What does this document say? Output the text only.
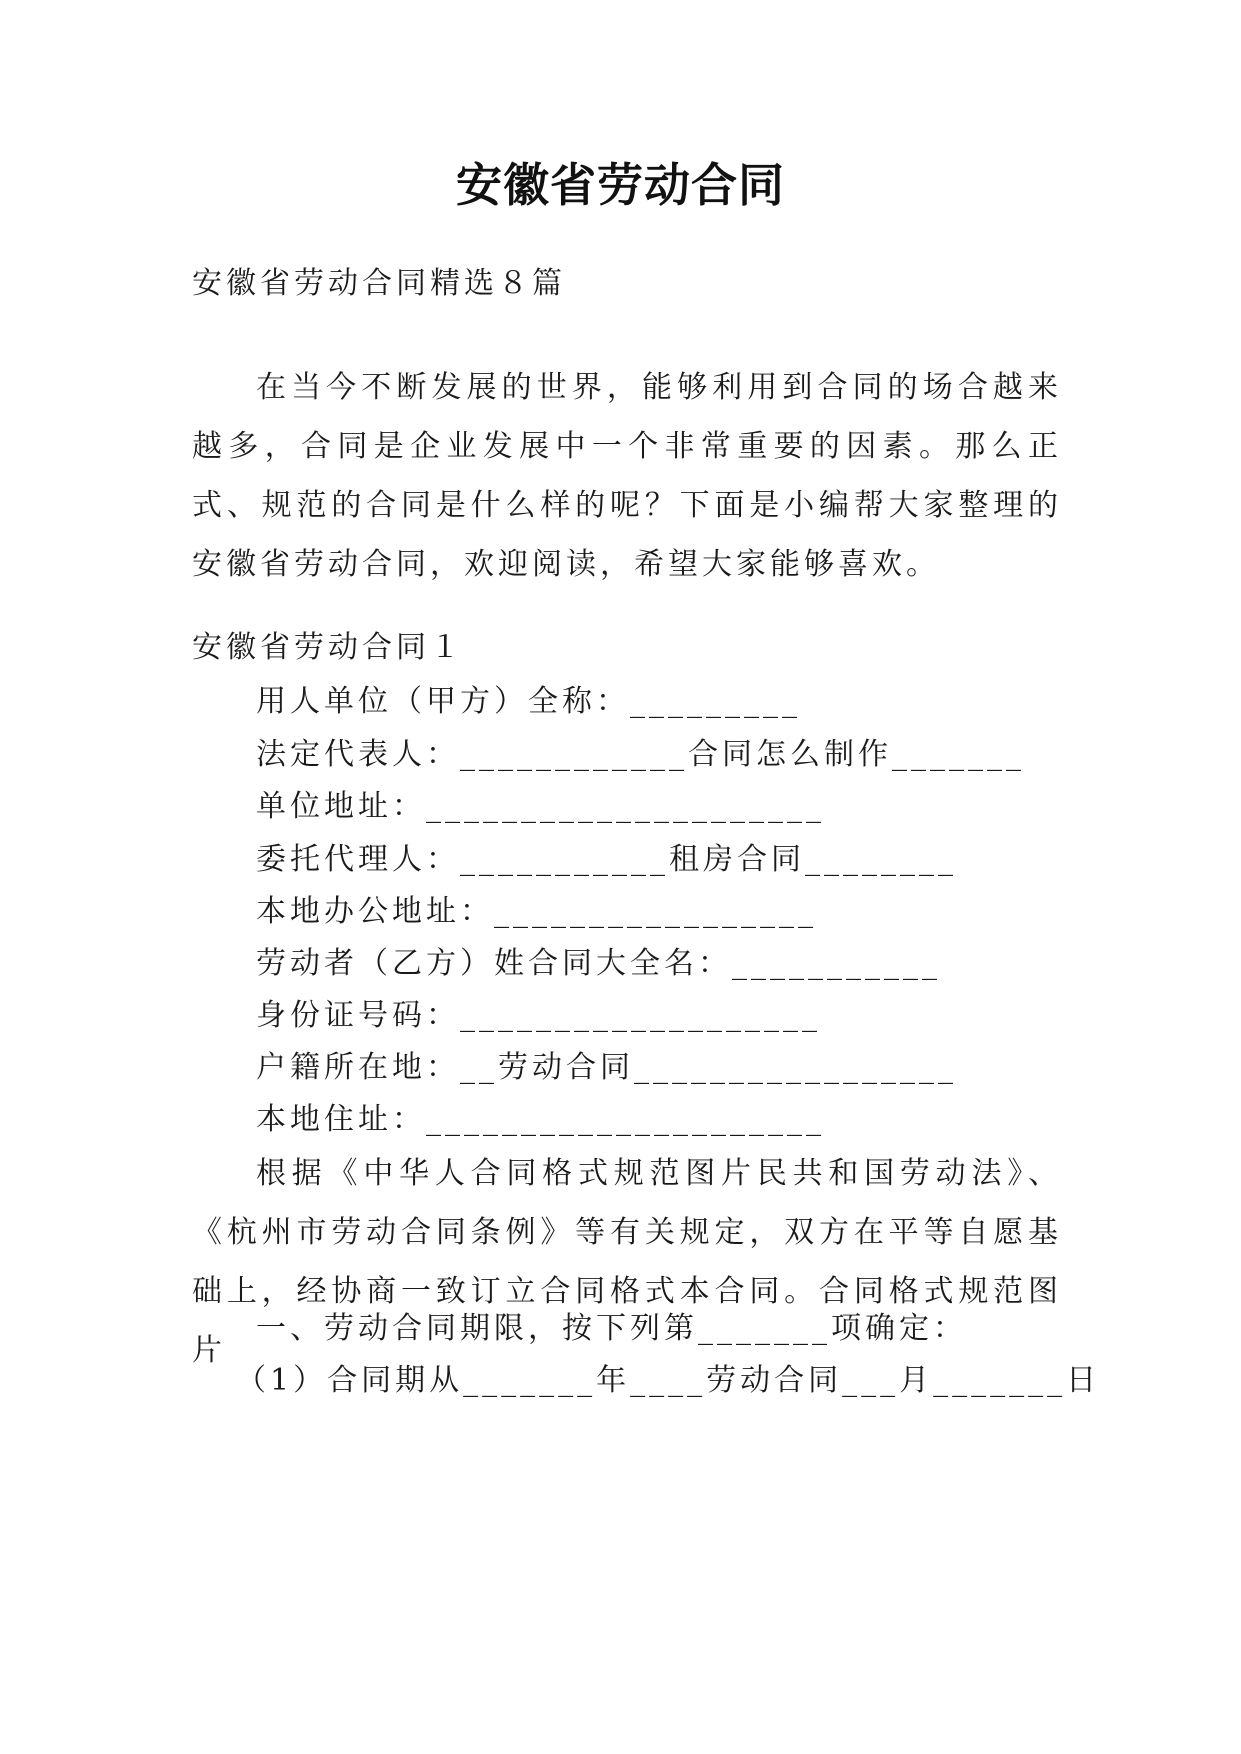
安徽省劳动合同
安徽省劳动合同精选８篇
在当今不断发展的世界，能够利用到合同的场合越来越多，合同是企业发展中一个非常重要的因素。那么正式、规范的合同是什么样的呢？下面是小编帮大家整理的安徽省劳动合同，欢迎阅读，希望大家能够喜欢。
安徽省劳动合同１
用人单位（甲方）全称：_________
法定代表人：____________合同怎么制作_______
单位地址：_____________________
委托代理人：___________租房合同________
本地办公地址：_________________
劳动者（乙方）姓合同大全名：___________
身份证号码：___________________
户籍所在地：__劳动合同_________________
本地住址：_____________________
根据《中华人合同格式规范图片民共和国劳动法》、《杭州市劳动合同条例》等有关规定，双方在平等自愿基础上，经协商一致订立合同格式本合同。合同格式规范图片
一、劳动合同期限，按下列第_______项确定：
（1）合同期从_______年____劳动合同___月_______日
